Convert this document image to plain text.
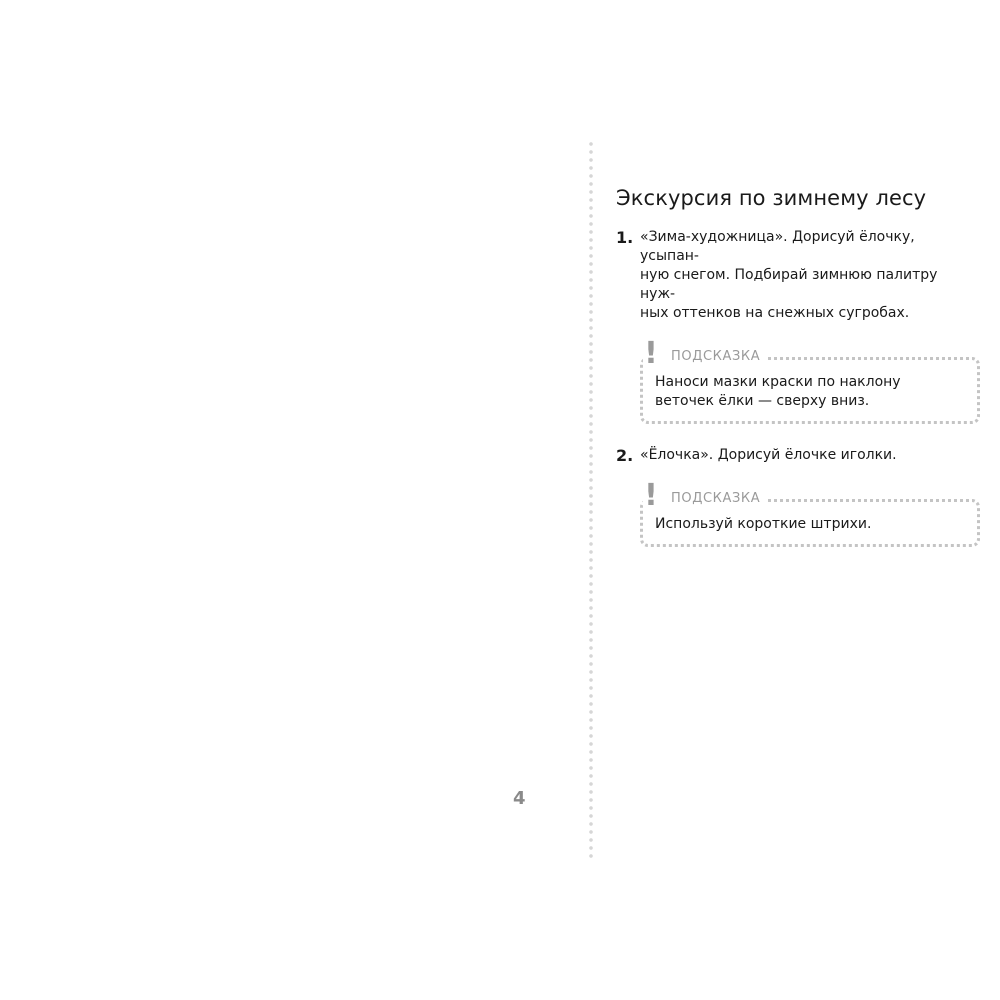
4
Экскурсия по зимнему лесу
1. «Зима-художница». Дорисуй ёлочку, усыпан-
ную снегом. Подбирай зимнюю палитру нуж-
ных оттенков на снежных сугробах.
!	ПОДСКАЗКА
Наноси мазки краски по наклону
веточек ёлки — сверху вниз.
2. «Ёлочка». Дорисуй ёлочке иголки.
!	ПОДСКАЗКА
Используй короткие штрихи.
